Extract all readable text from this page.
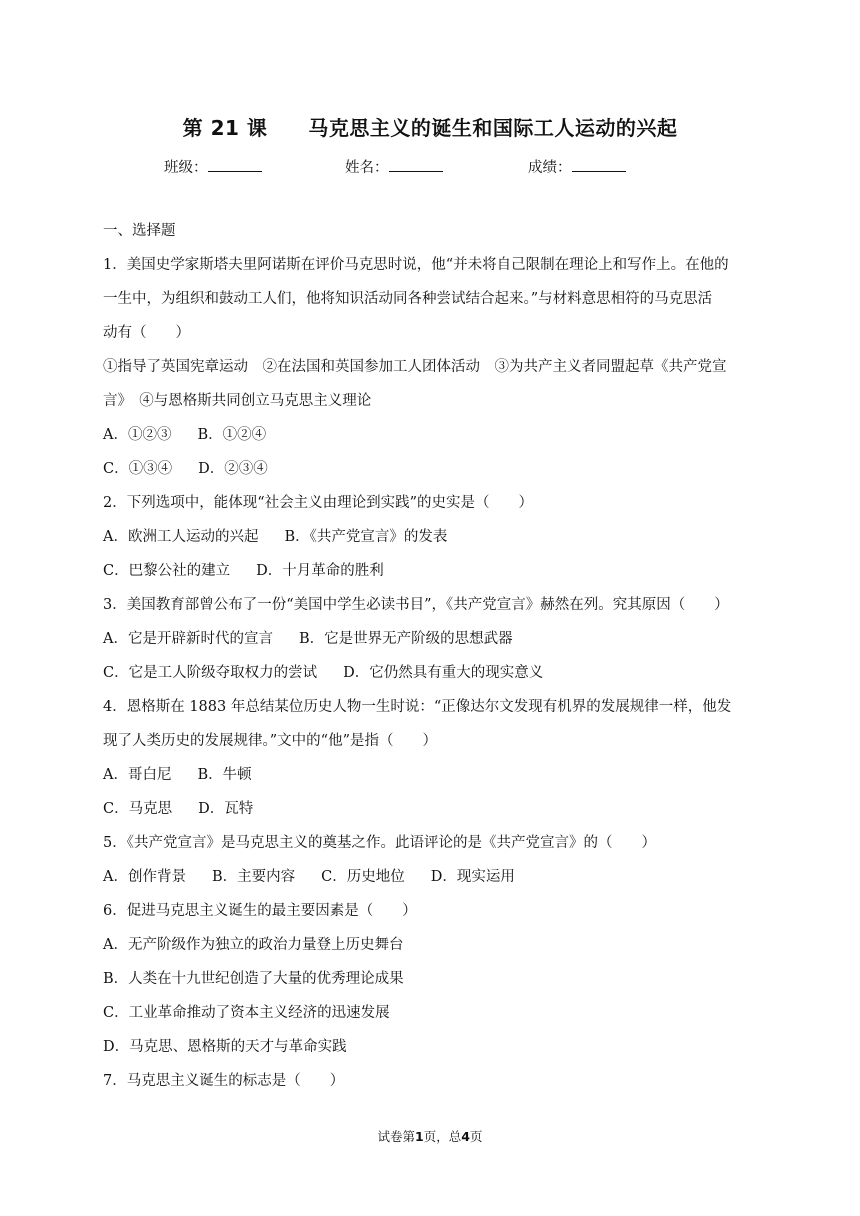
第 21 课　　马克思主义的诞生和国际工人运动的兴起
班级：	姓名：	成绩：
一、选择题
1．美国史学家斯塔夫里阿诺斯在评价马克思时说，他“并未将自己限制在理论上和写作上。在他的
一生中，为组织和鼓动工人们，他将知识活动同各种尝试结合起来。”与材料意思相符的马克思活
动有（　　）
①指导了英国宪章运动　②在法国和英国参加工人团体活动　③为共产主义者同盟起草《共产党宣
言》　④与恩格斯共同创立马克思主义理论
A．①②③ B．①②④
C．①③④ D．②③④
2．下列选项中，能体现“社会主义由理论到实践”的史实是（　　）
A．欧洲工人运动的兴起 B．《共产党宣言》的发表
C．巴黎公社的建立 D．十月革命的胜利
3．美国教育部曾公布了一份“美国中学生必读书目”，《共产党宣言》赫然在列。究其原因（　　）
A．它是开辟新时代的宣言 B．它是世界无产阶级的思想武器
C．它是工人阶级夺取权力的尝试 D．它仍然具有重大的现实意义
4．恩格斯在 1883 年总结某位历史人物一生时说：“正像达尔文发现有机界的发展规律一样，他发
现了人类历史的发展规律。”文中的“他”是指（　　）
A．哥白尼 B．牛顿
C．马克思 D．瓦特
5．《共产党宣言》是马克思主义的奠基之作。此语评论的是《共产党宣言》的（　　）
A．创作背景 B．主要内容 C．历史地位 D．现实运用
6．促进马克思主义诞生的最主要因素是（　　）
A．无产阶级作为独立的政治力量登上历史舞台
B．人类在十九世纪创造了大量的优秀理论成果
C．工业革命推动了资本主义经济的迅速发展
D．马克思、恩格斯的天才与革命实践
7．马克思主义诞生的标志是（　　）
试卷第1页，总4页
